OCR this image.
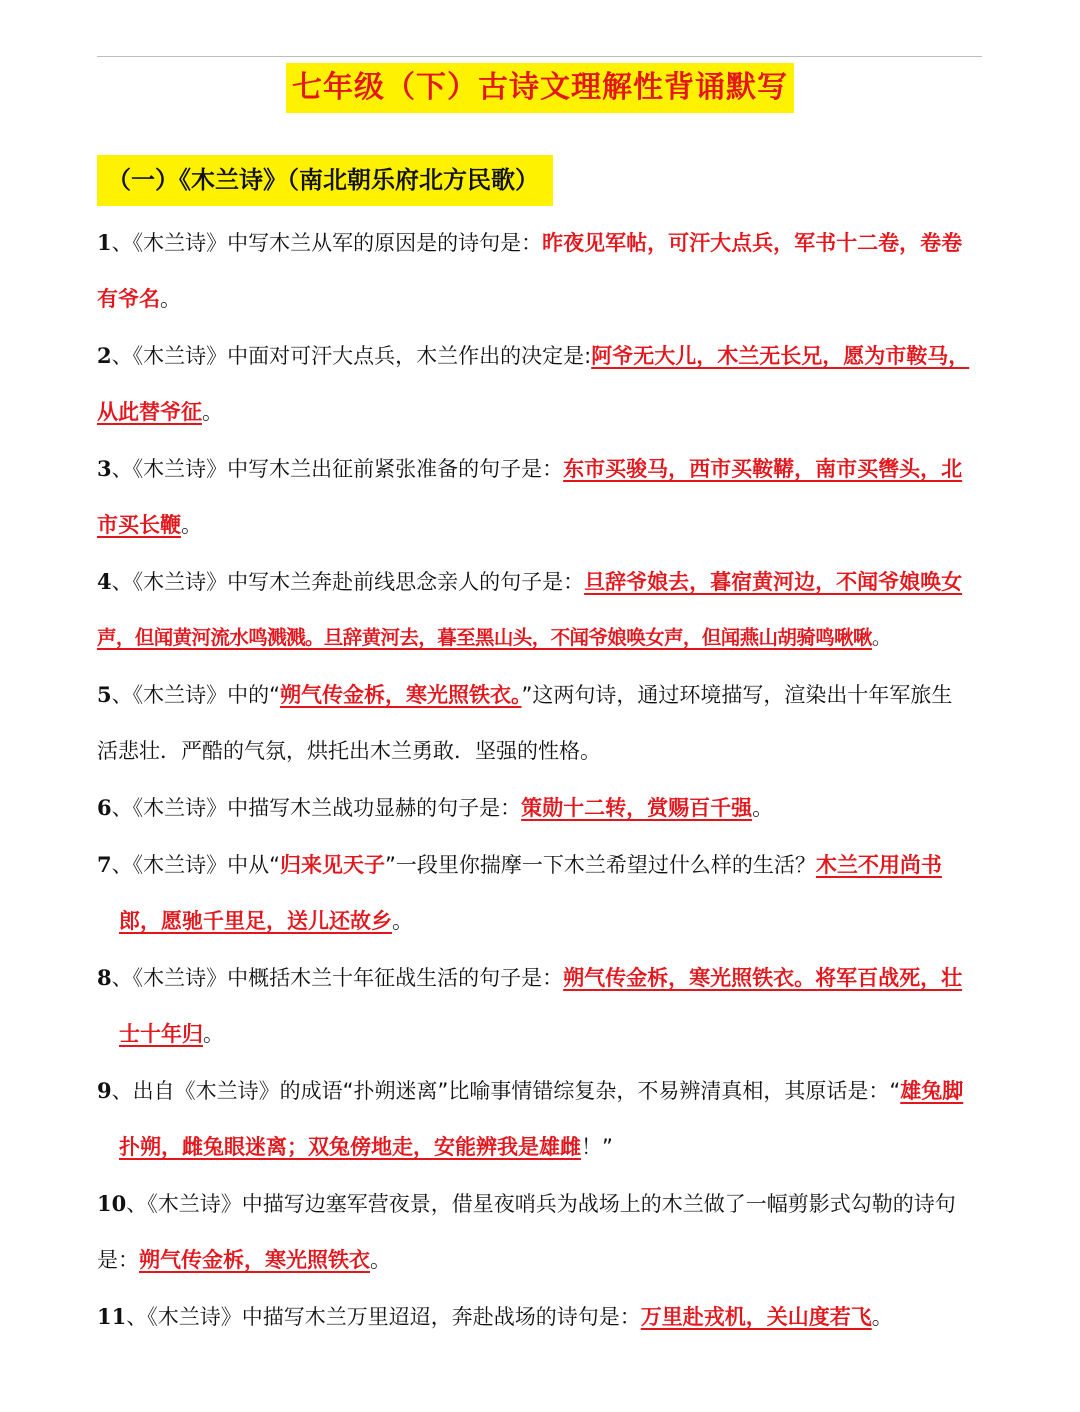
七年级（下）古诗文理解性背诵默写
（一）《木兰诗》（南北朝乐府北方民歌）
1、《木兰诗》中写木兰从军的原因是的诗句是：昨夜见军帖，可汗大点兵，军书十二卷，卷卷
有爷名。
2、《木兰诗》中面对可汗大点兵，木兰作出的决定是:阿爷无大儿，木兰无长兄，愿为市鞍马，
从此替爷征。
3、《木兰诗》中写木兰出征前紧张准备的句子是：东市买骏马，西市买鞍鞯，南市买辔头，北
市买长鞭。
4、《木兰诗》中写木兰奔赴前线思念亲人的句子是：旦辞爷娘去，暮宿黄河边，不闻爷娘唤女
声，但闻黄河流水鸣溅溅。旦辞黄河去，暮至黑山头，不闻爷娘唤女声，但闻燕山胡骑鸣啾啾。
5、《木兰诗》中的“朔气传金柝，寒光照铁衣。”这两句诗，通过环境描写，渲染出十年军旅生
活悲壮．严酷的气氛，烘托出木兰勇敢．坚强的性格。
6、《木兰诗》中描写木兰战功显赫的句子是：策勋十二转，赏赐百千强。
7、《木兰诗》中从“归来见天子”一段里你揣摩一下木兰希望过什么样的生活？木兰不用尚书
郎，愿驰千里足，送儿还故乡。
8、《木兰诗》中概括木兰十年征战生活的句子是：朔气传金柝，寒光照铁衣。将军百战死，壮
士十年归。
9、出自《木兰诗》的成语“扑朔迷离”比喻事情错综复杂，不易辨清真相，其原话是：“雄兔脚
扑朔，雌兔眼迷离；双兔傍地走，安能辨我是雄雌！”
10、《木兰诗》中描写边塞军营夜景，借星夜哨兵为战场上的木兰做了一幅剪影式勾勒的诗句
是：朔气传金柝，寒光照铁衣。
11、《木兰诗》中描写木兰万里迢迢，奔赴战场的诗句是：万里赴戎机，关山度若飞。
